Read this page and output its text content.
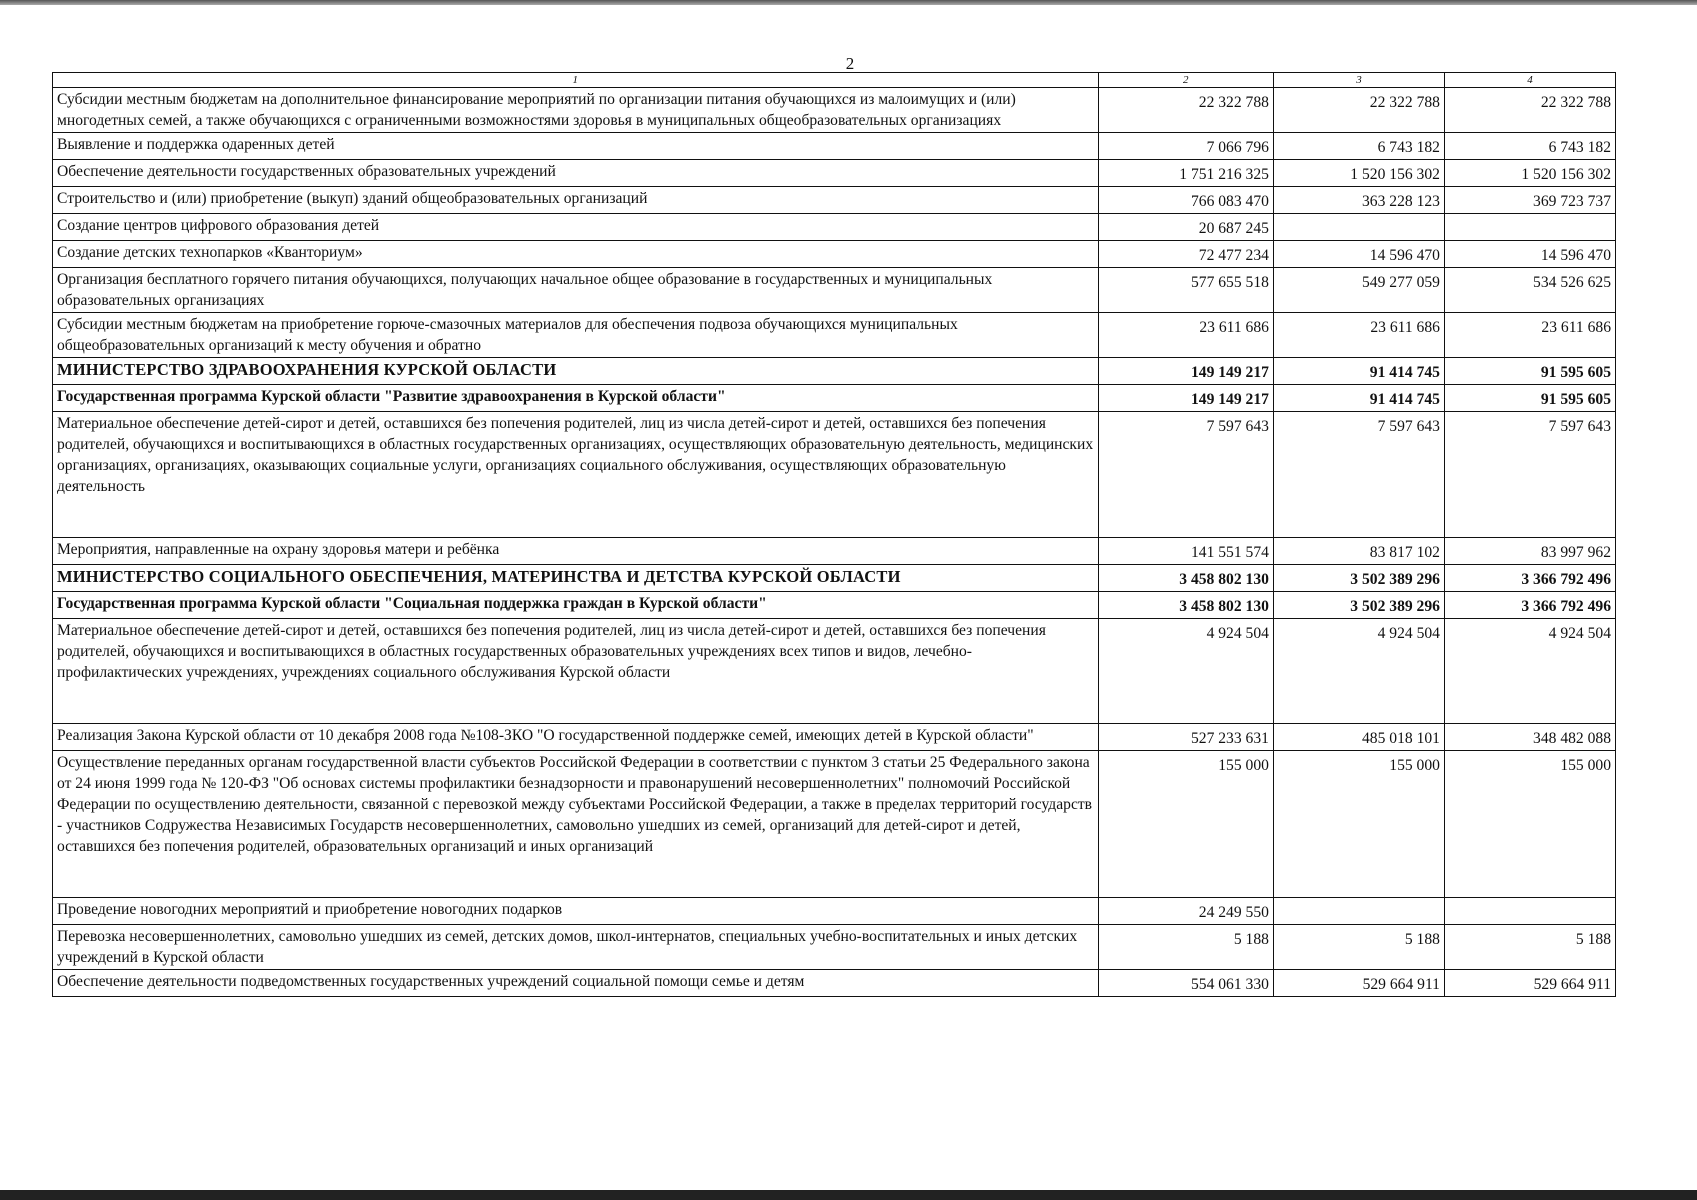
2
1	2	3	4
Субсидии местным бюджетам на дополнительное финансирование мероприятий по организации питания обучающихся из малоимущих и (или) многодетных семей, а также обучающихся с ограниченными возможностями здоровья в муниципальных общеобразовательных организациях	22 322 788	22 322 788	22 322 788
Выявление и поддержка одаренных детей	7 066 796	6 743 182	6 743 182
Обеспечение деятельности государственных образовательных учреждений	1 751 216 325	1 520 156 302	1 520 156 302
Строительство и (или) приобретение (выкуп) зданий общеобразовательных организаций	766 083 470	363 228 123	369 723 737
Создание центров цифрового образования детей	20 687 245		
Создание детских технопарков «Кванториум»	72 477 234	14 596 470	14 596 470
Организация бесплатного горячего питания обучающихся, получающих начальное общее образование в государственных и муниципальных образовательных организациях	577 655 518	549 277 059	534 526 625
Субсидии местным бюджетам на приобретение горюче-смазочных материалов для обеспечения подвоза обучающихся муниципальных общеобразовательных организаций к месту обучения и обратно	23 611 686	23 611 686	23 611 686
МИНИСТЕРСТВО ЗДРАВООХРАНЕНИЯ КУРСКОЙ ОБЛАСТИ	149 149 217	91 414 745	91 595 605
Государственная программа Курской области "Развитие здравоохранения в Курской области"	149 149 217	91 414 745	91 595 605
Материальное обеспечение детей-сирот и детей, оставшихся без попечения родителей, лиц из числа детей-сирот и детей, оставшихся без попечения родителей, обучающихся и воспитывающихся в областных государственных организациях, осуществляющих образовательную деятельность, медицинских организациях, организациях, оказывающих социальные услуги, организациях социального обслуживания, осуществляющих образовательную деятельность	7 597 643	7 597 643	7 597 643
Мероприятия, направленные на охрану здоровья матери и ребёнка	141 551 574	83 817 102	83 997 962
МИНИСТЕРСТВО СОЦИАЛЬНОГО ОБЕСПЕЧЕНИЯ, МАТЕРИНСТВА И ДЕТСТВА КУРСКОЙ ОБЛАСТИ	3 458 802 130	3 502 389 296	3 366 792 496
Государственная программа Курской области "Социальная поддержка граждан в Курской области"	3 458 802 130	3 502 389 296	3 366 792 496
Материальное обеспечение детей-сирот и детей, оставшихся без попечения родителей, лиц из числа детей-сирот и детей, оставшихся без попечения родителей, обучающихся и воспитывающихся в областных государственных образовательных учреждениях всех типов и видов, лечебно-профилактических учреждениях, учреждениях социального обслуживания Курской области	4 924 504	4 924 504	4 924 504
Реализация Закона Курской области от 10 декабря 2008 года №108-ЗКО "О государственной поддержке семей, имеющих детей в Курской области"	527 233 631	485 018 101	348 482 088
Осуществление переданных органам государственной власти субъектов Российской Федерации в соответствии с пунктом 3 статьи 25 Федерального закона от 24 июня 1999 года № 120-ФЗ "Об основах системы профилактики безнадзорности и правонарушений несовершеннолетних" полномочий Российской Федерации по осуществлению деятельности, связанной с перевозкой между субъектами Российской Федерации, а также в пределах территорий государств - участников Содружества Независимых Государств несовершеннолетних, самовольно ушедших из семей, организаций для детей-сирот и детей, оставшихся без попечения родителей, образовательных организаций и иных организаций	155 000	155 000	155 000
Проведение новогодних мероприятий и приобретение новогодних подарков	24 249 550		
Перевозка несовершеннолетних, самовольно ушедших из семей, детских домов, школ-интернатов, специальных учебно-воспитательных и иных детских учреждений в Курской области	5 188	5 188	5 188
Обеспечение деятельности подведомственных государственных учреждений социальной помощи семье и детям	554 061 330	529 664 911	529 664 911
